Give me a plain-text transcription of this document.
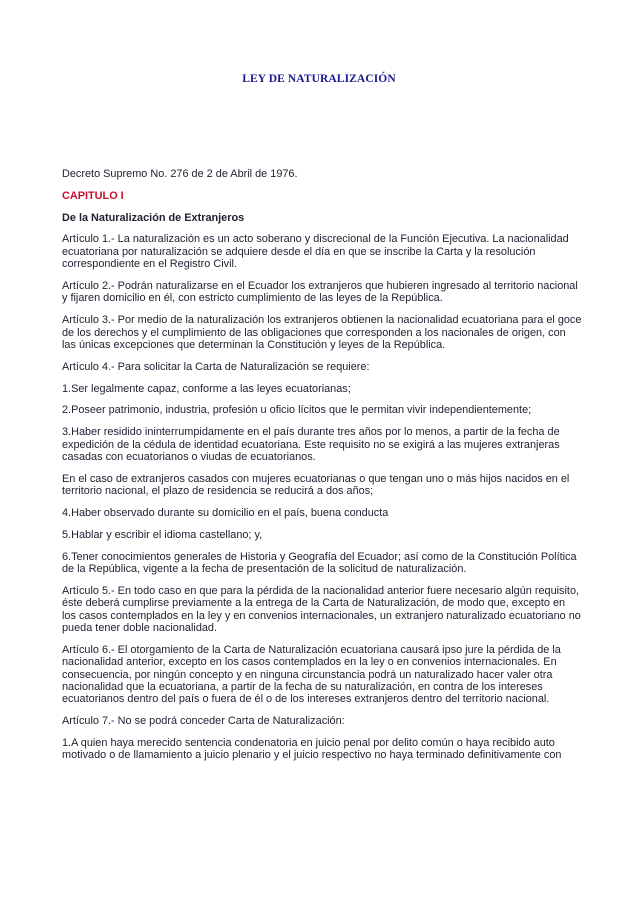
LEY DE NATURALIZACIÓN

Decreto Supremo No. 276 de 2 de Abril de 1976.

CAPITULO I

De la Naturalización de Extranjeros

Artículo 1.- La naturalización es un acto soberano y discrecional de la Función Ejecutiva. La nacionalidad ecuatoriana por naturalización se adquiere desde el día en que se inscribe la Carta y la resolución correspondiente en el Registro Civil.

Artículo 2.- Podrán naturalizarse en el Ecuador los extranjeros que hubieren ingresado al territorio nacional y fijaren domicilio en él, con estricto cumplimiento de las leyes de la República.

Artículo 3.- Por medio de la naturalización los extranjeros obtienen la nacionalidad ecuatoriana para el goce de los derechos y el cumplimiento de las obligaciones que corresponden a los nacionales de origen, con las únicas excepciones que determinan la Constitución y leyes de la República.

Artículo 4.- Para solicitar la Carta de Naturalización se requiere:

1.Ser legalmente capaz, conforme a las leyes ecuatorianas;

2.Poseer patrimonio, industria, profesión u oficio lícitos que le permitan vivir independientemente;

3.Haber residido ininterrumpidamente en el país durante tres años por lo menos, a partir de la fecha de expedición de la cédula de identidad ecuatoriana. Este requisito no se exigirá a las mujeres extranjeras casadas con ecuatorianos o viudas de ecuatorianos.

En el caso de extranjeros casados con mujeres ecuatorianas o que tengan uno o más hijos nacidos en el territorio nacional, el plazo de residencia se reducirá a dos años;

4.Haber observado durante su domicilio en el país, buena conducta

5.Hablar y escribir el idioma castellano; y,

6.Tener conocimientos generales de Historia y Geografía del Ecuador; así como de la Constitución Política de la República, vigente a la fecha de presentación de la solicitud de naturalización.

Artículo 5.- En todo caso en que para la pérdida de la nacionalidad anterior fuere necesario algún requisito, éste deberá cumplirse previamente a la entrega de la Carta de Naturalización, de modo que, excepto en los casos contemplados en la ley y en convenios internacionales, un extranjero naturalizado ecuatoriano no pueda tener doble nacionalidad.

Artículo 6.- El otorgamiento de la Carta de Naturalización ecuatoriana causará ipso jure la pérdida de la nacionalidad anterior, excepto en los casos contemplados en la ley o en convenios internacionales. En consecuencia, por ningún concepto y en ninguna circunstancia podrá un naturalizado hacer valer otra nacionalidad que la ecuatoriana, a partir de la fecha de su naturalización, en contra de los intereses ecuatorianos dentro del país o fuera de él o de los intereses extranjeros dentro del territorio nacional.

Artículo 7.- No se podrá conceder Carta de Naturalización:

1.A quien haya merecido sentencia condenatoria en juicio penal por delito común o haya recibido auto motivado o de llamamiento a juicio plenario y el juicio respectivo no haya terminado definitivamente con
